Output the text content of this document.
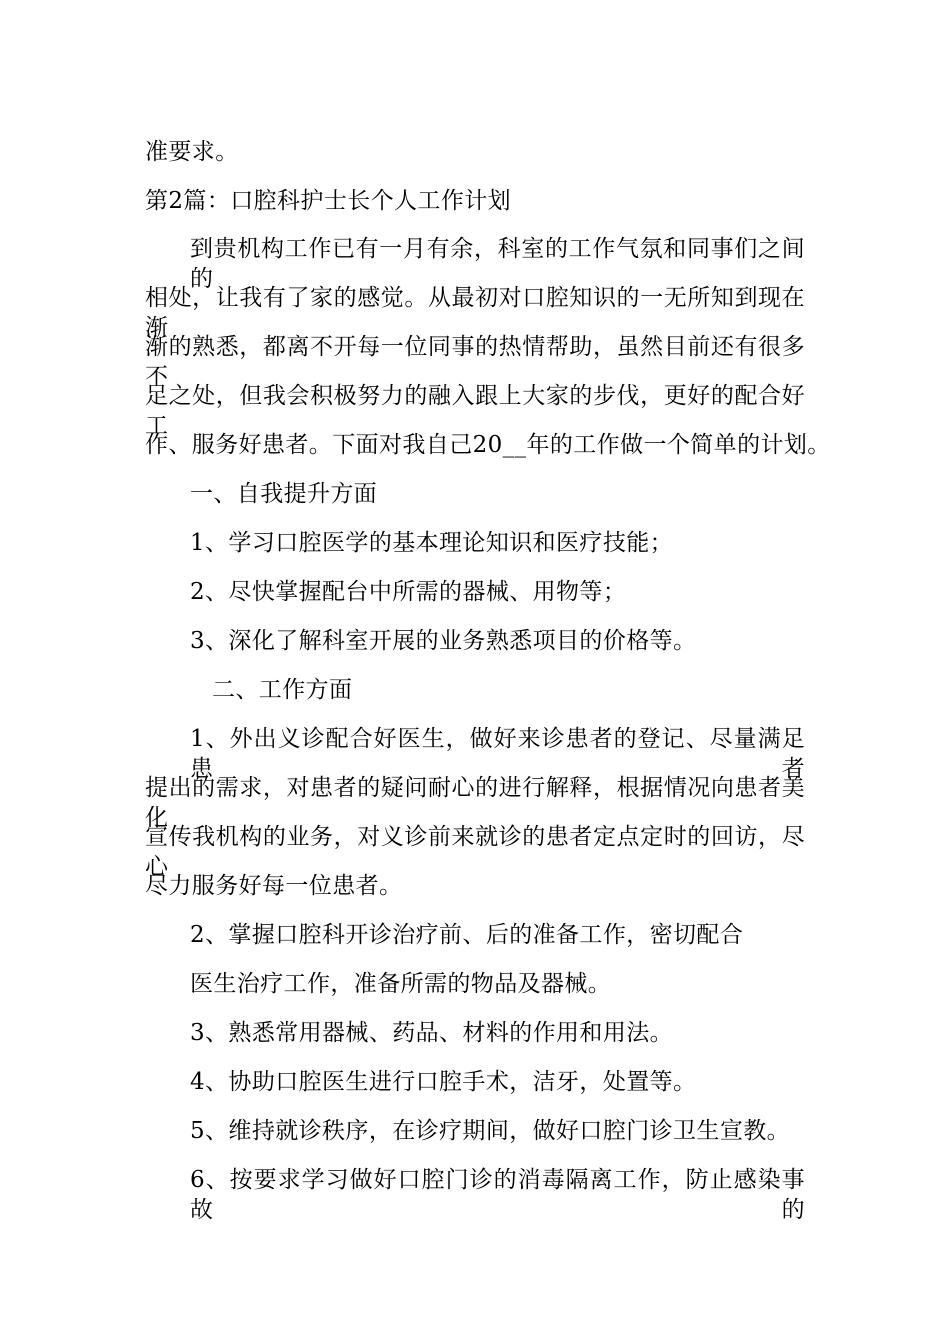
准要求。
第2篇：口腔科护士长个人工作计划
到贵机构工作已有一月有余，科室的工作气氛和同事们之间的
相处，让我有了家的感觉。从最初对口腔知识的一无所知到现在渐
渐的熟悉，都离不开每一位同事的热情帮助，虽然目前还有很多不
足之处，但我会积极努力的融入跟上大家的步伐，更好的配合好工
作、服务好患者。下面对我自己20__年的工作做一个简单的计划。
一、自我提升方面
1、学习口腔医学的基本理论知识和医疗技能；
2、尽快掌握配台中所需的器械、用物等；
3、深化了解科室开展的业务熟悉项目的价格等。
二、工作方面
1、外出义诊配合好医生，做好来诊患者的登记、尽量满足患者
提出的需求，对患者的疑问耐心的进行解释，根据情况向患者美化
宣传我机构的业务，对义诊前来就诊的患者定点定时的回访，尽心
尽力服务好每一位患者。
2、掌握口腔科开诊治疗前、后的准备工作，密切配合
医生治疗工作，准备所需的物品及器械。
3、熟悉常用器械、药品、材料的作用和用法。
4、协助口腔医生进行口腔手术，洁牙，处置等。
5、维持就诊秩序，在诊疗期间，做好口腔门诊卫生宣教。
6、按要求学习做好口腔门诊的消毒隔离工作，防止感染事故的
